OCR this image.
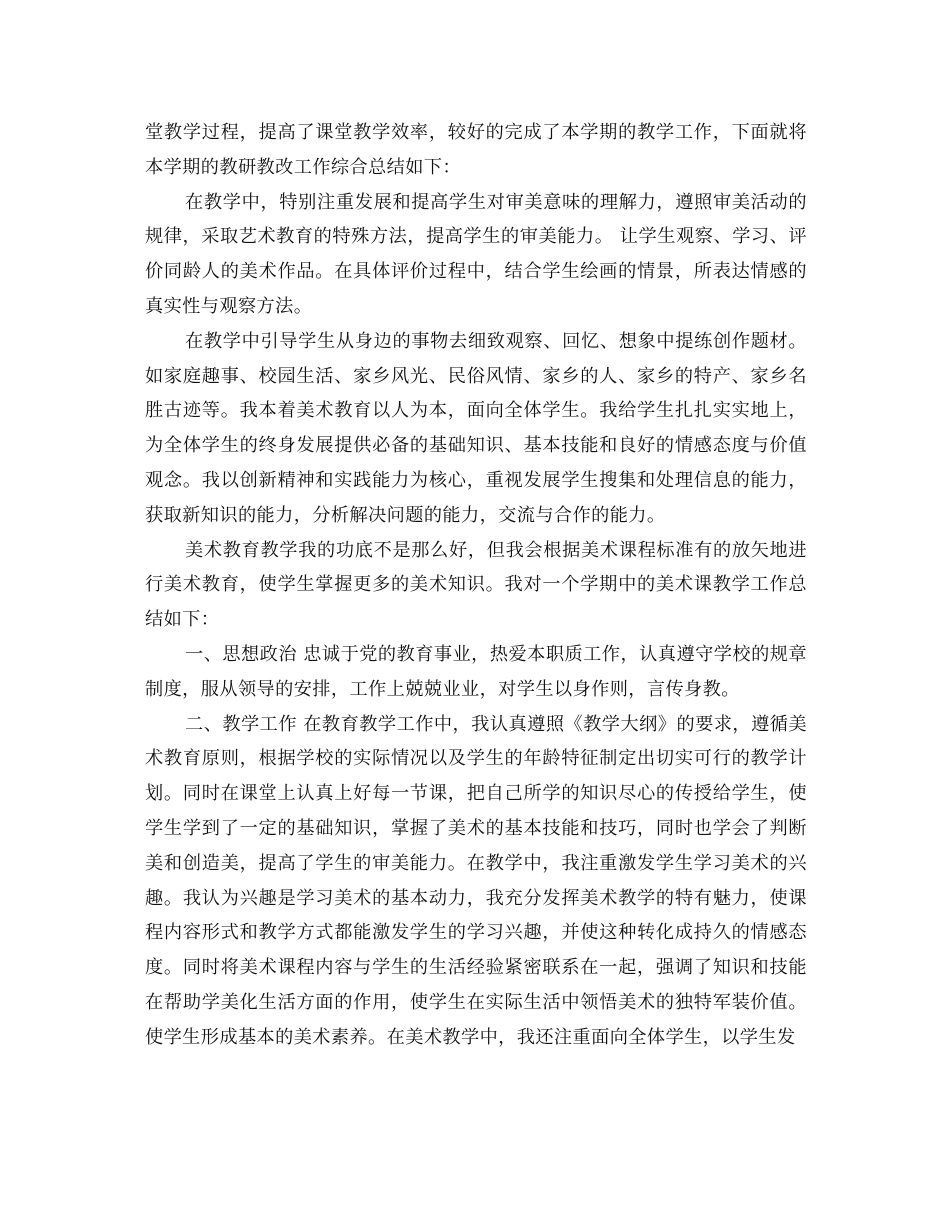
堂教学过程，提高了课堂教学效率，较好的完成了本学期的教学工作，下面就将本学期的教研教改工作综合总结如下：

在教学中，特别注重发展和提高学生对审美意味的理解力，遵照审美活动的规律，采取艺术教育的特殊方法，提高学生的审美能力。 让学生观察、学习、评价同龄人的美术作品。在具体评价过程中，结合学生绘画的情景，所表达情感的真实性与观察方法。

在教学中引导学生从身边的事物去细致观察、回忆、想象中提练创作题材。如家庭趣事、校园生活、家乡风光、民俗风情、家乡的人、家乡的特产、家乡名胜古迹等。我本着美术教育以人为本，面向全体学生。我给学生扎扎实实地上，为全体学生的终身发展提供必备的基础知识、基本技能和良好的情感态度与价值观念。我以创新精神和实践能力为核心，重视发展学生搜集和处理信息的能力，获取新知识的能力，分析解决问题的能力，交流与合作的能力。

美术教育教学我的功底不是那么好，但我会根据美术课程标准有的放矢地进行美术教育，使学生掌握更多的美术知识。我对一个学期中的美术课教学工作总结如下：

一、思想政治 忠诚于党的教育事业，热爱本职质工作，认真遵守学校的规章制度，服从领导的安排，工作上兢兢业业，对学生以身作则，言传身教。

二、教学工作 在教育教学工作中，我认真遵照《教学大纲》的要求，遵循美术教育原则，根据学校的实际情况以及学生的年龄特征制定出切实可行的教学计划。同时在课堂上认真上好每一节课，把自己所学的知识尽心的传授给学生，使学生学到了一定的基础知识，掌握了美术的基本技能和技巧，同时也学会了判断美和创造美，提高了学生的审美能力。在教学中，我注重激发学生学习美术的兴趣。我认为兴趣是学习美术的基本动力，我充分发挥美术教学的特有魅力，使课程内容形式和教学方式都能激发学生的学习兴趣，并使这种转化成持久的情感态度。同时将美术课程内容与学生的生活经验紧密联系在一起，强调了知识和技能在帮助学美化生活方面的作用，使学生在实际生活中领悟美术的独特军装价值。使学生形成基本的美术素养。在美术教学中，我还注重面向全体学生，以学生发
